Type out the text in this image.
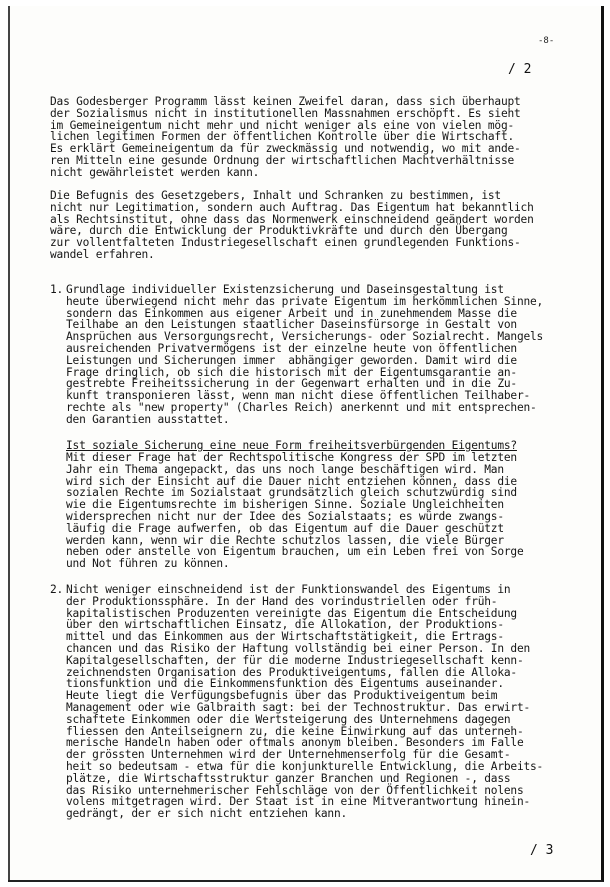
-8-
/ 2
Das Godesberger Programm lässt keinen Zweifel daran, dass sich überhaupt
der Sozialismus nicht in institutionellen Massnahmen erschöpft. Es sieht
im Gemeineigentum nicht mehr und nicht weniger als eine von vielen mög-
lichen legitimen Formen der öffentlichen Kontrolle über die Wirtschaft.
Es erklärt Gemeineigentum da für zweckmässig und notwendig, wo mit ande-
ren Mitteln eine gesunde Ordnung der wirtschaftlichen Machtverhältnisse
nicht gewährleistet werden kann.
Die Befugnis des Gesetzgebers, Inhalt und Schranken zu bestimmen, ist
nicht nur Legitimation, sondern auch Auftrag. Das Eigentum hat bekanntlich
als Rechtsinstitut, ohne dass das Normenwerk einschneidend geändert worden
wäre, durch die Entwicklung der Produktivkräfte und durch den Übergang
zur vollentfalteten Industriegesellschaft einen grundlegenden Funktions-
wandel erfahren.
1. Grundlage individueller Existenzsicherung und Daseinsgestaltung ist
heute überwiegend nicht mehr das private Eigentum im herkömmlichen Sinne,
sondern das Einkommen aus eigener Arbeit und in zunehmendem Masse die
Teilhabe an den Leistungen staatlicher Daseinsfürsorge in Gestalt von
Ansprüchen aus Versorgungsrecht, Versicherungs- oder Sozialrecht. Mangels
ausreichenden Privatvermögens ist der einzelne heute von öffentlichen
Leistungen und Sicherungen immer  abhängiger geworden. Damit wird die
Frage dringlich, ob sich die historisch mit der Eigentumsgarantie an-
gestrebte Freiheitssicherung in der Gegenwart erhalten und in die Zu-
kunft transponieren lässt, wenn man nicht diese öffentlichen Teilhaber-
rechte als "new property" (Charles Reich) anerkennt und mit entsprechen-
den Garantien ausstattet.
Ist soziale Sicherung eine neue Form freiheitsverbürgenden Eigentums?
Mit dieser Frage hat der Rechtspolitische Kongress der SPD im letzten
Jahr ein Thema angepackt, das uns noch lange beschäftigen wird. Man
wird sich der Einsicht auf die Dauer nicht entziehen können, dass die
sozialen Rechte im Sozialstaat grundsätzlich gleich schutzwürdig sind
wie die Eigentumsrechte im bisherigen Sinne. Soziale Ungleichheiten
widersprechen nicht nur der Idee des Sozialstaats; es würde zwangs-
läufig die Frage aufwerfen, ob das Eigentum auf die Dauer geschützt
werden kann, wenn wir die Rechte schutzlos lassen, die viele Bürger
neben oder anstelle von Eigentum brauchen, um ein Leben frei von Sorge
und Not führen zu können.
2. Nicht weniger einschneidend ist der Funktionswandel des Eigentums in
der Produktionssphäre. In der Hand des vorindustriellen oder früh-
kapitalistischen Produzenten vereinigte das Eigentum die Entscheidung
über den wirtschaftlichen Einsatz, die Allokation, der Produktions-
mittel und das Einkommen aus der Wirtschaftstätigkeit, die Ertrags-
chancen und das Risiko der Haftung vollständig bei einer Person. In den
Kapitalgesellschaften, der für die moderne Industriegesellschaft kenn-
zeichnendsten Organisation des Produktiveigentums, fallen die Alloka-
tionsfunktion und die Einkommensfunktion des Eigentums auseinander.
Heute liegt die Verfügungsbefugnis über das Produktiveigentum beim
Management oder wie Galbraith sagt: bei der Technostruktur. Das erwirt-
schaftete Einkommen oder die Wertsteigerung des Unternehmens dagegen
fliessen den Anteilseignern zu, die keine Einwirkung auf das unterneh-
merische Handeln haben oder oftmals anonym bleiben. Besonders im Falle
der grössten Unternehmen wird der Unternehmenserfolg für die Gesamt-
heit so bedeutsam - etwa für die konjunkturelle Entwicklung, die Arbeits-
plätze, die Wirtschaftsstruktur ganzer Branchen und Regionen -, dass
das Risiko unternehmerischer Fehlschläge von der Öffentlichkeit nolens
volens mitgetragen wird. Der Staat ist in eine Mitverantwortung hinein-
gedrängt, der er sich nicht entziehen kann.
/ 3
